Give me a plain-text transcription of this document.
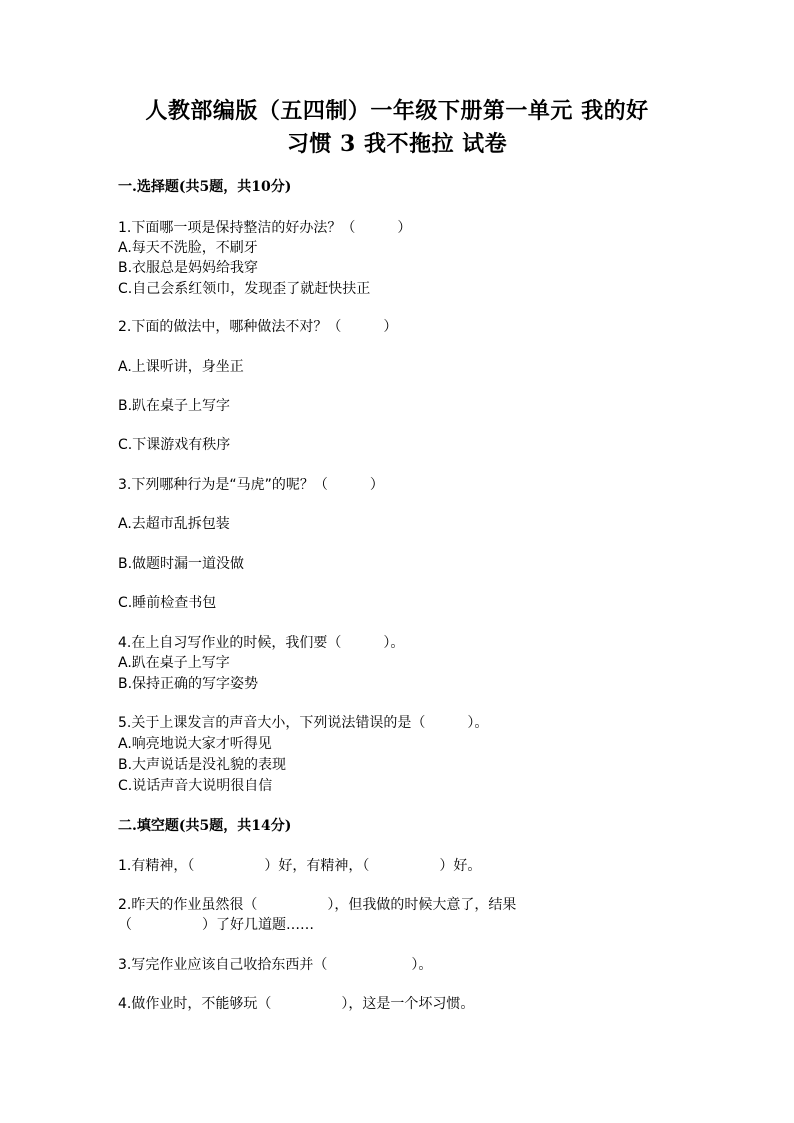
人教部编版（五四制）一年级下册第一单元 我的好
习惯 3 我不拖拉 试卷
一.选择题(共5题，共10分)
1.下面哪一项是保持整洁的好办法？（　　　）
A.每天不洗脸，不刷牙
B.衣服总是妈妈给我穿
C.自己会系红领巾，发现歪了就赶快扶正
2.下面的做法中，哪种做法不对？（　　　）
A.上课听讲，身坐正
B.趴在桌子上写字
C.下课游戏有秩序
3.下列哪种行为是“马虎”的呢？（　　　）
A.去超市乱拆包装
B.做题时漏一道没做
C.睡前检查书包
4.在上自习写作业的时候，我们要（　　　）。
A.趴在桌子上写字
B.保持正确的写字姿势
5.关于上课发言的声音大小，下列说法错误的是（　　　）。
A.响亮地说大家才听得见
B.大声说话是没礼貌的表现
C.说话声音大说明很自信
二.填空题(共5题，共14分)
1.有精神，（　　　　　）好，有精神，（　　　　　）好。
2.昨天的作业虽然很（　　　　　），但我做的时候大意了，结果
（　　　　　）了好几道题……
3.写完作业应该自己收拾东西并（　　　　　　）。
4.做作业时，不能够玩（　　　　　），这是一个坏习惯。
